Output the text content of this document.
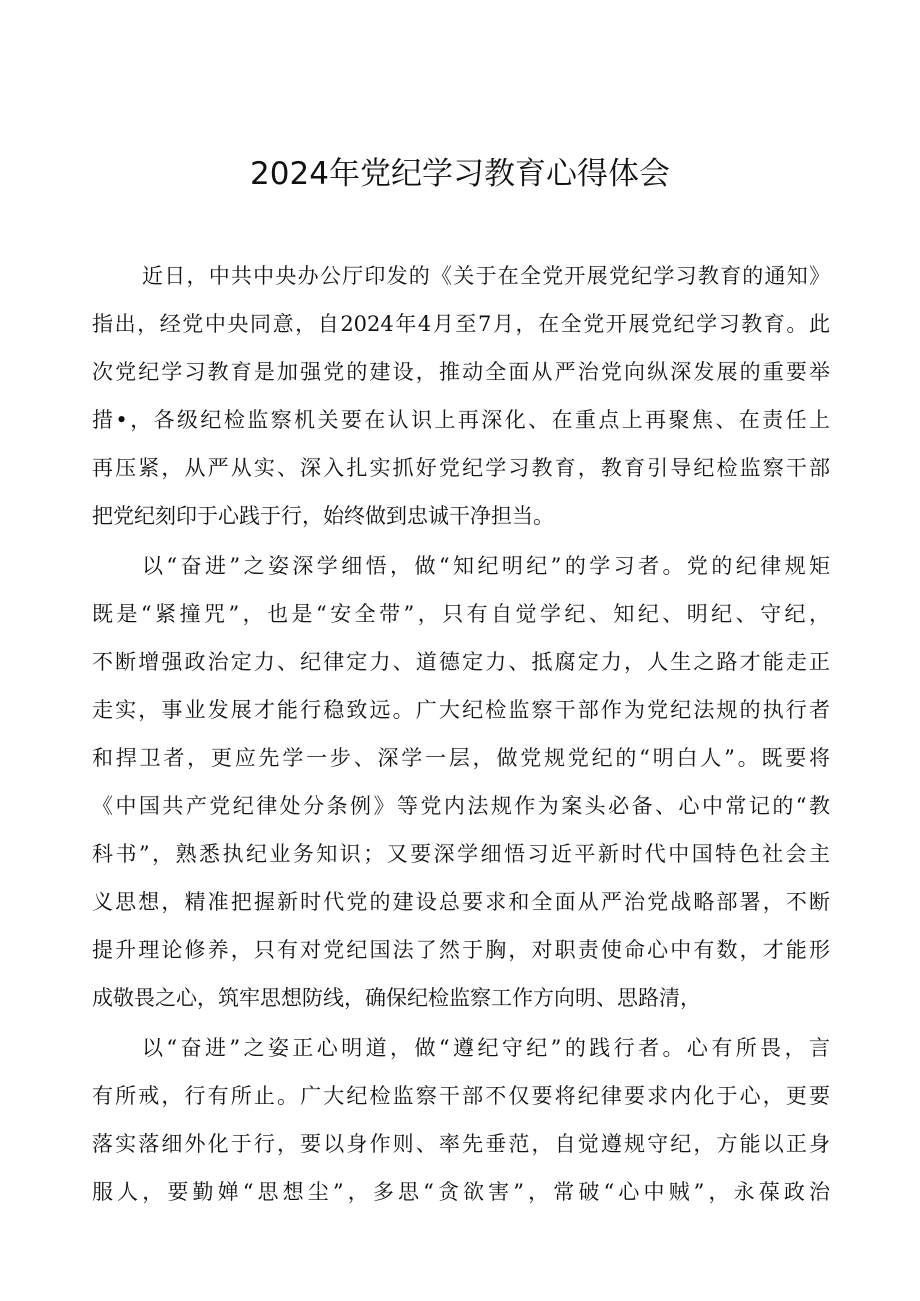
2024年党纪学习教育心得体会
近日，中共中央办公厅印发的《关于在全党开展党纪学习教育的通知》
指出，经党中央同意，自2024年4月至7月，在全党开展党纪学习教育。此
次党纪学习教育是加强党的建设，推动全面从严治党向纵深发展的重要举
措•，各级纪检监察机关要在认识上再深化、在重点上再聚焦、在责任上
再压紧，从严从实、深入扎实抓好党纪学习教育，教育引导纪检监察干部
把党纪刻印于心践于行，始终做到忠诚干净担当。
以“奋进”之姿深学细悟，做“知纪明纪”的学习者。党的纪律规矩
既是“紧撞咒”，也是“安全带”，只有自觉学纪、知纪、明纪、守纪，
不断增强政治定力、纪律定力、道德定力、抵腐定力，人生之路才能走正
走实，事业发展才能行稳致远。广大纪检监察干部作为党纪法规的执行者
和捍卫者，更应先学一步、深学一层，做党规党纪的“明白人”。既要将
《中国共产党纪律处分条例》等党内法规作为案头必备、心中常记的“教
科书”，熟悉执纪业务知识；又要深学细悟习近平新时代中国特色社会主
义思想，精准把握新时代党的建设总要求和全面从严治党战略部署，不断
提升理论修养，只有对党纪国法了然于胸，对职责使命心中有数，才能形
成敬畏之心，筑牢思想防线，确保纪检监察工作方向明、思路清，
以“奋进”之姿正心明道，做“遵纪守纪”的践行者。心有所畏，言
有所戒，行有所止。广大纪检监察干部不仅要将纪律要求内化于心，更要
落实落细外化于行，要以身作则、率先垂范，自觉遵规守纪，方能以正身
服人，要勤婵“思想尘”，多思“贪欲害”，常破“心中贼”，永葆政治
